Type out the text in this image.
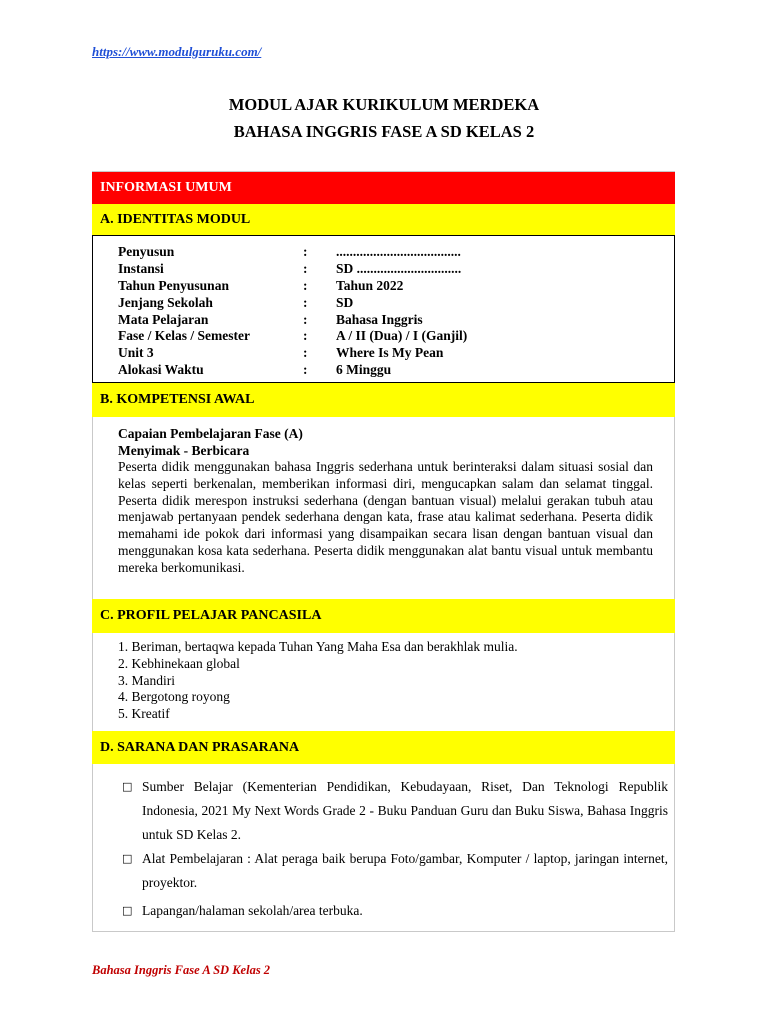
https://www.modulguruku.com/
MODUL AJAR KURIKULUM MERDEKA
BAHASA INGGRIS FASE A SD KELAS 2
INFORMASI UMUM
A. IDENTITAS MODUL
Penyusun	: .....................................
Instansi	: SD ...............................
Tahun Penyusunan	: Tahun 2022
Jenjang Sekolah	: SD
Mata Pelajaran	: Bahasa Inggris
Fase / Kelas / Semester	: A / II (Dua) / I (Ganjil)
Unit 3	: Where Is My Pean
Alokasi Waktu	: 6 Minggu
B. KOMPETENSI AWAL
Capaian Pembelajaran Fase (A)
Menyimak - Berbicara
Peserta didik menggunakan bahasa Inggris sederhana untuk berinteraksi dalam situasi sosial dan kelas seperti berkenalan, memberikan informasi diri, mengucapkan salam dan selamat tinggal. Peserta didik merespon instruksi sederhana (dengan bantuan visual) melalui gerakan tubuh atau menjawab pertanyaan pendek sederhana dengan kata, frase atau kalimat sederhana. Peserta didik memahami ide pokok dari informasi yang disampaikan secara lisan dengan bantuan visual dan menggunakan kosa kata sederhana. Peserta didik menggunakan alat bantu visual untuk membantu mereka berkomunikasi.
C. PROFIL PELAJAR PANCASILA
1. Beriman, bertaqwa kepada Tuhan Yang Maha Esa dan berakhlak mulia.
2. Kebhinekaan global
3. Mandiri
4. Bergotong royong
5. Kreatif
D. SARANA DAN PRASARANA
□ Sumber Belajar (Kementerian Pendidikan, Kebudayaan, Riset, Dan Teknologi Republik Indonesia, 2021 My Next Words Grade 2 - Buku Panduan Guru dan Buku Siswa, Bahasa Inggris untuk SD Kelas 2.
□ Alat Pembelajaran : Alat peraga baik berupa Foto/gambar, Komputer / laptop, jaringan internet, proyektor.
□ Lapangan/halaman sekolah/area terbuka.
Bahasa Inggris Fase A SD Kelas 2
